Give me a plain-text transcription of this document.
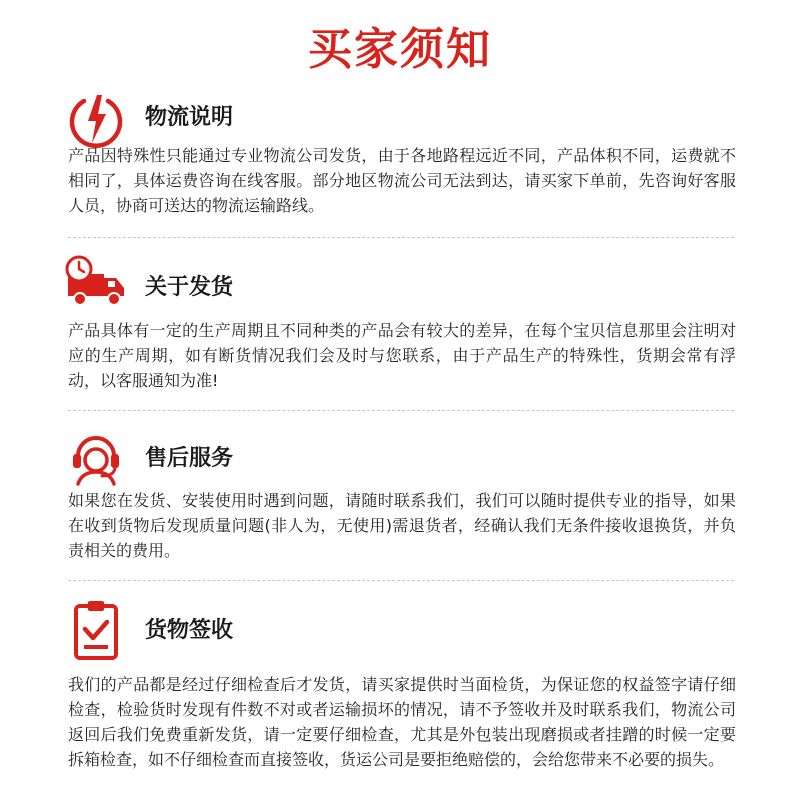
买家须知
物流说明
产品因特殊性只能通过专业物流公司发货，由于各地路程远近不同，产品体积不同，运费就不相同了，具体运费咨询在线客服。部分地区物流公司无法到达，请买家下单前，先咨询好客服人员，协商可送达的物流运输路线。
关于发货
产品具体有一定的生产周期且不同种类的产品会有较大的差异，在每个宝贝信息那里会注明对应的生产周期，如有断货情况我们会及时与您联系，由于产品生产的特殊性，货期会常有浮动，以客服通知为准!
售后服务
如果您在发货、安装使用时遇到问题，请随时联系我们，我们可以随时提供专业的指导，如果在收到货物后发现质量问题(非人为，无使用)需退货者，经确认我们无条件接收退换货，并负责相关的费用。
货物签收
我们的产品都是经过仔细检查后才发货，请买家提供时当面检货，为保证您的权益签字请仔细检查，检验货时发现有件数不对或者运输损坏的情况，请不予签收并及时联系我们，物流公司返回后我们免费重新发货，请一定要仔细检查，尤其是外包装出现磨损或者挂蹭的时候一定要拆箱检查，如不仔细检查而直接签收，货运公司是要拒绝赔偿的，会给您带来不必要的损失。
